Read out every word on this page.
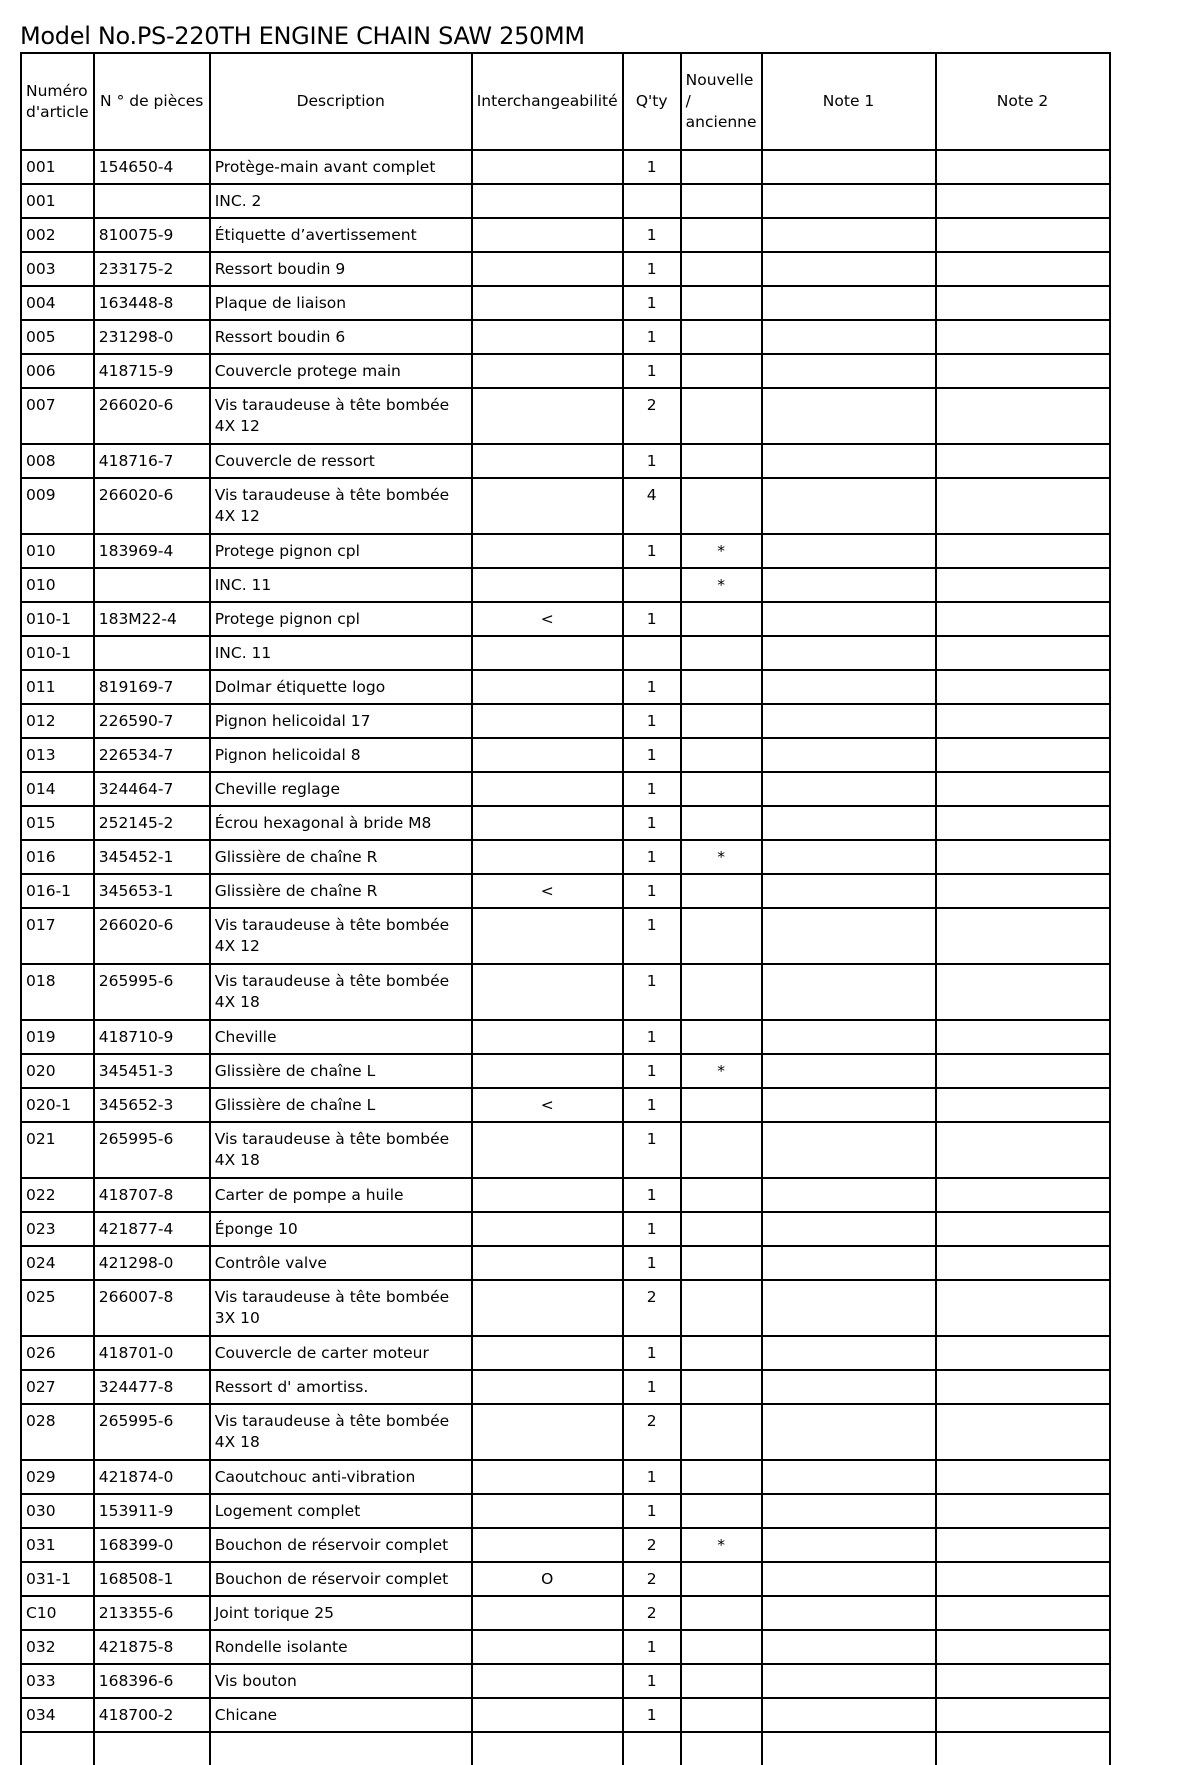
Model No.PS-220TH ENGINE CHAIN SAW 250MM
Numéro d'article	N ° de pièces	Description	Interchangeabilité	Q'ty	Nouvelle / ancienne	Note 1	Note 2
001	154650-4	Protège-main avant complet		1			
001		INC. 2					
002	810075-9	Étiquette d’avertissement		1			
003	233175-2	Ressort boudin 9		1			
004	163448-8	Plaque de liaison		1			
005	231298-0	Ressort boudin 6		1			
006	418715-9	Couvercle protege main		1			
007	266020-6	Vis taraudeuse à tête bombée 4X 12		2			
008	418716-7	Couvercle de ressort		1			
009	266020-6	Vis taraudeuse à tête bombée 4X 12		4			
010	183969-4	Protege pignon cpl		1	*		
010		INC. 11			*		
010-1	183M22-4	Protege pignon cpl	<	1			
010-1		INC. 11					
011	819169-7	Dolmar étiquette logo		1			
012	226590-7	Pignon helicoidal 17		1			
013	226534-7	Pignon helicoidal 8		1			
014	324464-7	Cheville reglage		1			
015	252145-2	Écrou hexagonal à bride M8		1			
016	345452-1	Glissière de chaîne R		1	*		
016-1	345653-1	Glissière de chaîne R	<	1			
017	266020-6	Vis taraudeuse à tête bombée 4X 12		1			
018	265995-6	Vis taraudeuse à tête bombée 4X 18		1			
019	418710-9	Cheville		1			
020	345451-3	Glissière de chaîne L		1	*		
020-1	345652-3	Glissière de chaîne L	<	1			
021	265995-6	Vis taraudeuse à tête bombée 4X 18		1			
022	418707-8	Carter de pompe a huile		1			
023	421877-4	Éponge 10		1			
024	421298-0	Contrôle valve		1			
025	266007-8	Vis taraudeuse à tête bombée 3X 10		2			
026	418701-0	Couvercle de carter moteur		1			
027	324477-8	Ressort d' amortiss.		1			
028	265995-6	Vis taraudeuse à tête bombée 4X 18		2			
029	421874-0	Caoutchouc anti-vibration		1			
030	153911-9	Logement complet		1			
031	168399-0	Bouchon de réservoir complet		2	*		
031-1	168508-1	Bouchon de réservoir complet	O	2			
C10	213355-6	Joint torique 25		2			
032	421875-8	Rondelle isolante		1			
033	168396-6	Vis bouton		1			
034	418700-2	Chicane		1			
